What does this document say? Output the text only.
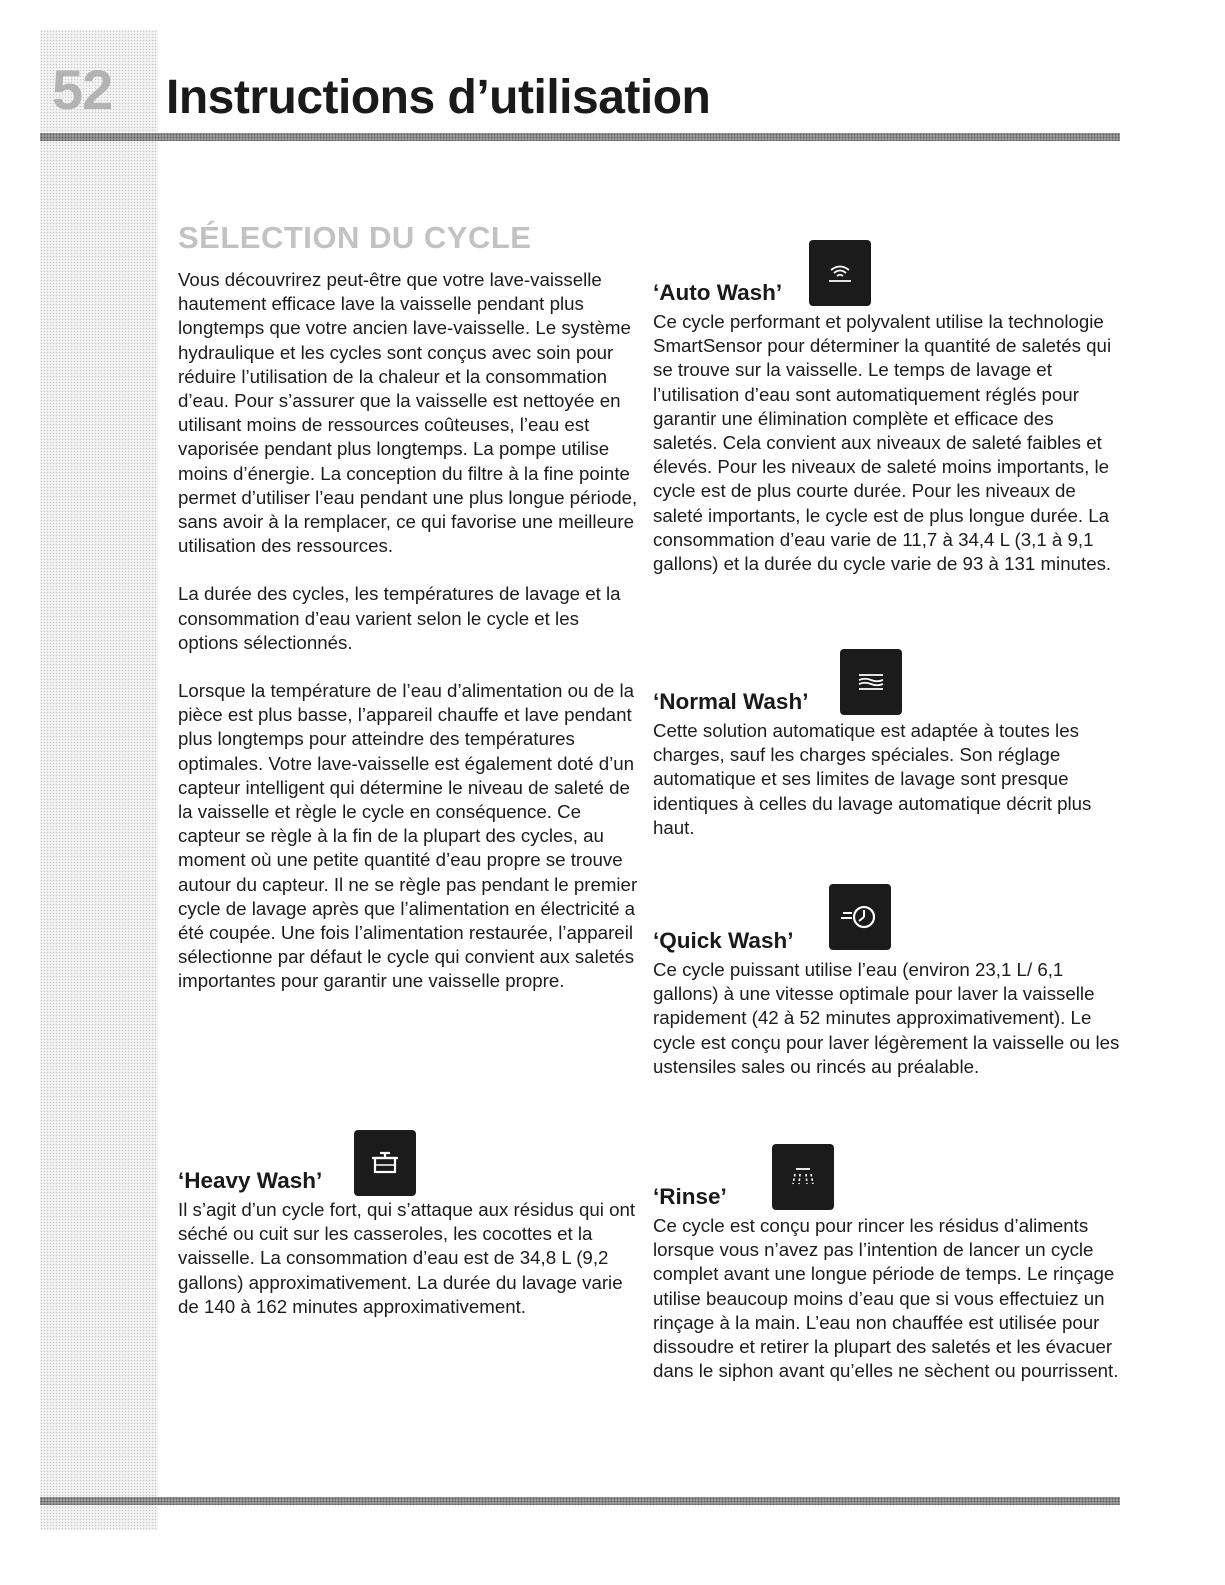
52 Instructions d’utilisation
SÉLECTION DU CYCLE

Vous découvrirez peut-être que votre lave-vaisselle hautement efficace lave la vaisselle pendant plus longtemps que votre ancien lave-vaisselle. Le système hydraulique et les cycles sont conçus avec soin pour réduire l’utilisation de la chaleur et la consommation d’eau. Pour s’assurer que la vaisselle est nettoyée en utilisant moins de ressources coûteuses, l’eau est vaporisée pendant plus longtemps. La pompe utilise moins d’énergie. La conception du filtre à la fine pointe permet d’utiliser l’eau pendant une plus longue période, sans avoir à la remplacer, ce qui favorise une meilleure utilisation des ressources.

La durée des cycles, les températures de lavage et la consommation d’eau varient selon le cycle et les options sélectionnés.

Lorsque la température de l’eau d’alimentation ou de la pièce est plus basse, l’appareil chauffe et lave pendant plus longtemps pour atteindre des températures optimales. Votre lave-vaisselle est également doté d’un capteur intelligent qui détermine le niveau de saleté de la vaisselle et règle le cycle en conséquence. Ce capteur se règle à la fin de la plupart des cycles, au moment où une petite quantité d’eau propre se trouve autour du capteur. Il ne se règle pas pendant le premier cycle de lavage après que l’alimentation en électricité a été coupée. Une fois l’alimentation restaurée, l’appareil sélectionne par défaut le cycle qui convient aux saletés importantes pour garantir une vaisselle propre.

‘Heavy Wash’
Il s’agit d’un cycle fort, qui s’attaque aux résidus qui ont séché ou cuit sur les casseroles, les cocottes et la vaisselle. La consommation d’eau est de 34,8 L (9,2 gallons) approximativement. La durée du lavage varie de 140 à 162 minutes approximativement.
‘Auto Wash’
Ce cycle performant et polyvalent utilise la technologie SmartSensor pour déterminer la quantité de saletés qui se trouve sur la vaisselle. Le temps de lavage et l’utilisation d’eau sont automatiquement réglés pour garantir une élimination complète et efficace des saletés. Cela convient aux niveaux de saleté faibles et élevés. Pour les niveaux de saleté moins importants, le cycle est de plus courte durée. Pour les niveaux de saleté importants, le cycle est de plus longue durée. La consommation d’eau varie de 11,7 à 34,4 L (3,1 à 9,1 gallons) et la durée du cycle varie de 93 à 131 minutes.
‘Normal Wash’
Cette solution automatique est adaptée à toutes les charges, sauf les charges spéciales. Son réglage automatique et ses limites de lavage sont presque identiques à celles du lavage automatique décrit plus haut.
‘Quick Wash’
Ce cycle puissant utilise l’eau (environ 23,1 L/ 6,1 gallons) à une vitesse optimale pour laver la vaisselle rapidement (42 à 52 minutes approximativement). Le cycle est conçu pour laver légèrement la vaisselle ou les ustensiles sales ou rincés au préalable.
‘Rinse’
Ce cycle est conçu pour rincer les résidus d’aliments lorsque vous n’avez pas l’intention de lancer un cycle complet avant une longue période de temps. Le rinçage utilise beaucoup moins d’eau que si vous effectuiez un rinçage à la main. L’eau non chauffée est utilisée pour dissoudre et retirer la plupart des saletés et les évacuer dans le siphon avant qu’elles ne sèchent ou pourrissent.
